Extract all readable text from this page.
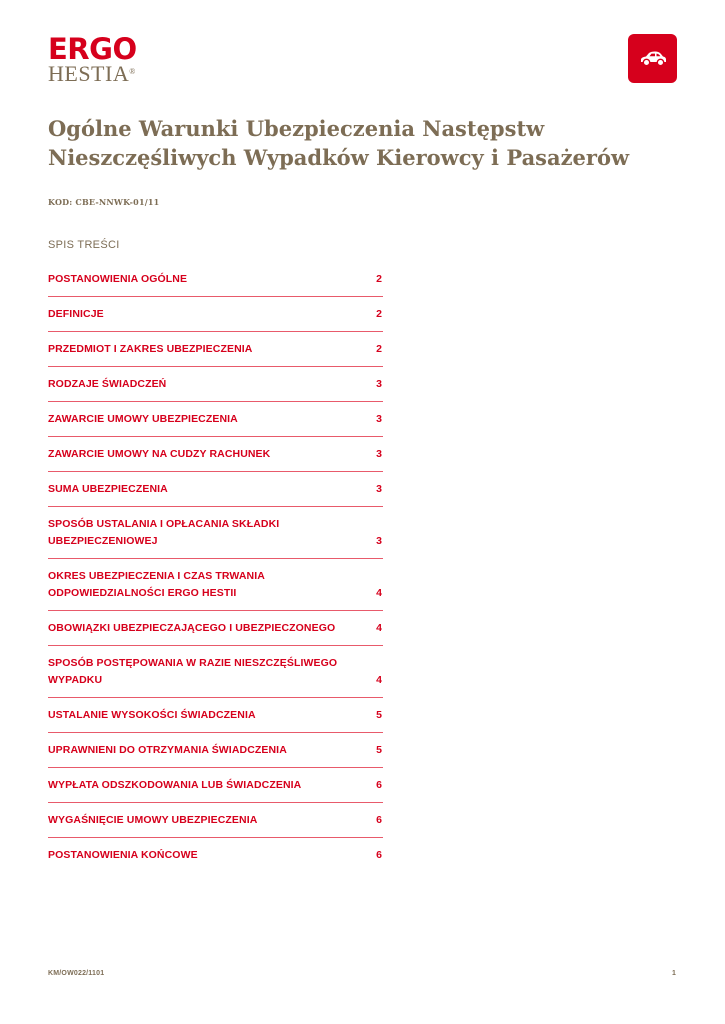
ERGO
HESTIA®
Ogólne Warunki Ubezpieczenia Następstw
Nieszczęśliwych Wypadków Kierowcy i Pasażerów
KOD: CBE-NNWK-01/11
SPIS TREŚCI
POSTANOWIENIA OGÓLNE	2
DEFINICJE	2
PRZEDMIOT I ZAKRES UBEZPIECZENIA	2
RODZAJE ŚWIADCZEŃ	3
ZAWARCIE UMOWY UBEZPIECZENIA	3
ZAWARCIE UMOWY NA CUDZY RACHUNEK	3
SUMA UBEZPIECZENIA	3
SPOSÓB USTALANIA I OPŁACANIA SKŁADKI UBEZPIECZENIOWEJ	3
OKRES UBEZPIECZENIA I CZAS TRWANIA ODPOWIEDZIALNOŚCI ERGO HESTII	4
OBOWIĄZKI UBEZPIECZAJĄCEGO I UBEZPIECZONEGO	4
SPOSÓB POSTĘPOWANIA W RAZIE NIESZCZĘŚLIWEGO WYPADKU	4
USTALANIE WYSOKOŚCI ŚWIADCZENIA	5
UPRAWNIENI DO OTRZYMANIA ŚWIADCZENIA	5
WYPŁATA ODSZKODOWANIA LUB ŚWIADCZENIA	6
WYGAŚNIĘCIE UMOWY UBEZPIECZENIA	6
POSTANOWIENIA KOŃCOWE	6
KM/OW022/1101	1
